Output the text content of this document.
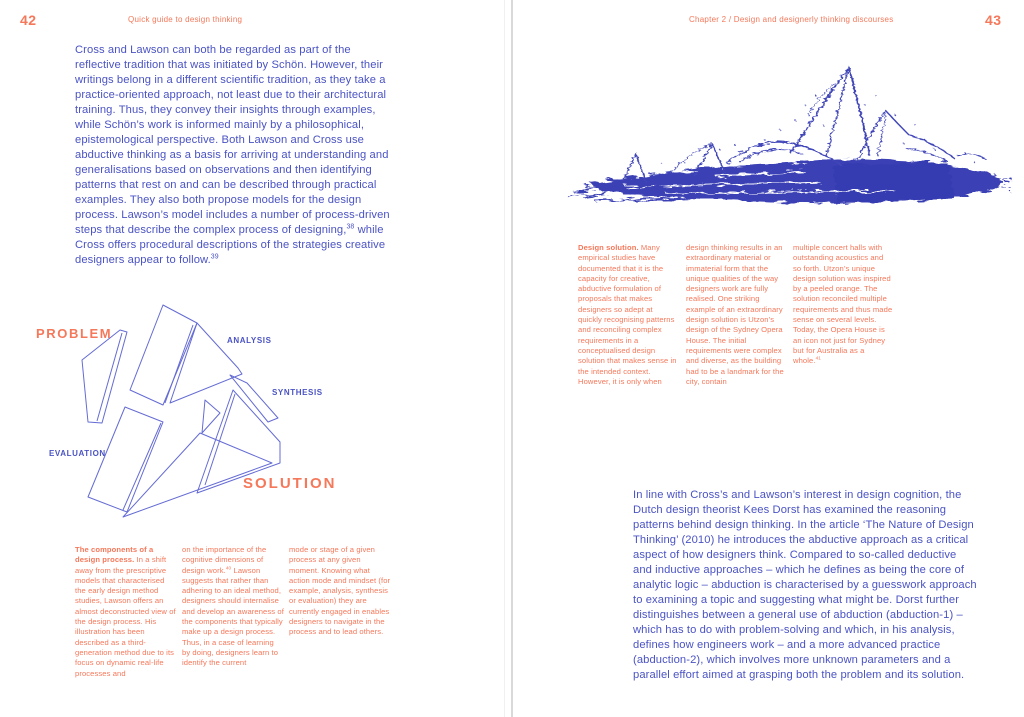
42	Quick guide to design thinking

Cross and Lawson can both be regarded as part of the reflective tradition that was initiated by Schön. However, their writings belong in a different scientific tradition, as they take a practice-oriented approach, not least due to their architectural training. Thus, they convey their insights through examples, while Schön’s work is informed mainly by a philosophical, epistemological perspective. Both Lawson and Cross use abductive thinking as a basis for arriving at understanding and generalisations based on observations and then identifying patterns that rest on and can be described through practical examples. They also both propose models for the design process. Lawson’s model includes a number of process-driven steps that describe the complex process of designing,$^{38}$ while Cross offers procedural descriptions of the strategies creative designers appear to follow.$^{39}$

PROBLEM	ANALYSIS
SYNTHESIS
EVALUATION
SOLUTION
The components of a design process. In a shift away from the prescriptive models that characterised the early design method studies, Lawson offers an almost deconstructed view of the design process. His illustration has been described as a third-generation method due to its focus on dynamic real-life processes and
on the importance of the cognitive dimensions of design work.$^{40}$ Lawson suggests that rather than adhering to an ideal method, designers should internalise and develop an awareness of the components that typically make up a design process. Thus, in a case of learning by doing, designers learn to identify the current
mode or stage of a given process at any given moment. Knowing what action mode and mindset (for example, analysis, synthesis or evaluation) they are currently engaged in enables designers to navigate in the process and to lead others.
Chapter 2 / Design and designerly thinking discourses	43
Design solution. Many empirical studies have documented that it is the capacity for creative, abductive formulation of proposals that makes designers so adept at quickly recognising patterns and reconciling complex requirements in a conceptualised design solution that makes sense in the intended context. However, it is only when
design thinking results in an extraordinary material or immaterial form that the unique qualities of the way designers work are fully realised. One striking example of an extraordinary design solution is Utzon’s design of the Sydney Opera House. The initial requirements were complex and diverse, as the building had to be a landmark for the city, contain
multiple concert halls with outstanding acoustics and so forth. Utzon’s unique design solution was inspired by a peeled orange. The solution reconciled multiple requirements and thus made sense on several levels. Today, the Opera House is an icon not just for Sydney but for Australia as a whole.$^{41}$

In line with Cross’s and Lawson’s interest in design cognition, the Dutch design theorist Kees Dorst has examined the reasoning patterns behind design thinking. In the article ‘The Nature of Design Thinking’ (2010) he introduces the abductive approach as a critical aspect of how designers think. Compared to so-called deductive and inductive approaches – which he defines as being the core of analytic logic – abduction is characterised by a guesswork approach to examining a topic and suggesting what might be. Dorst further distinguishes between a general use of abduction (abduction-1) – which has to do with problem-solving and which, in his analysis, defines how engineers work – and a more advanced practice (abduction-2), which involves more unknown parameters and a parallel effort aimed at grasping both the problem and its solution.
